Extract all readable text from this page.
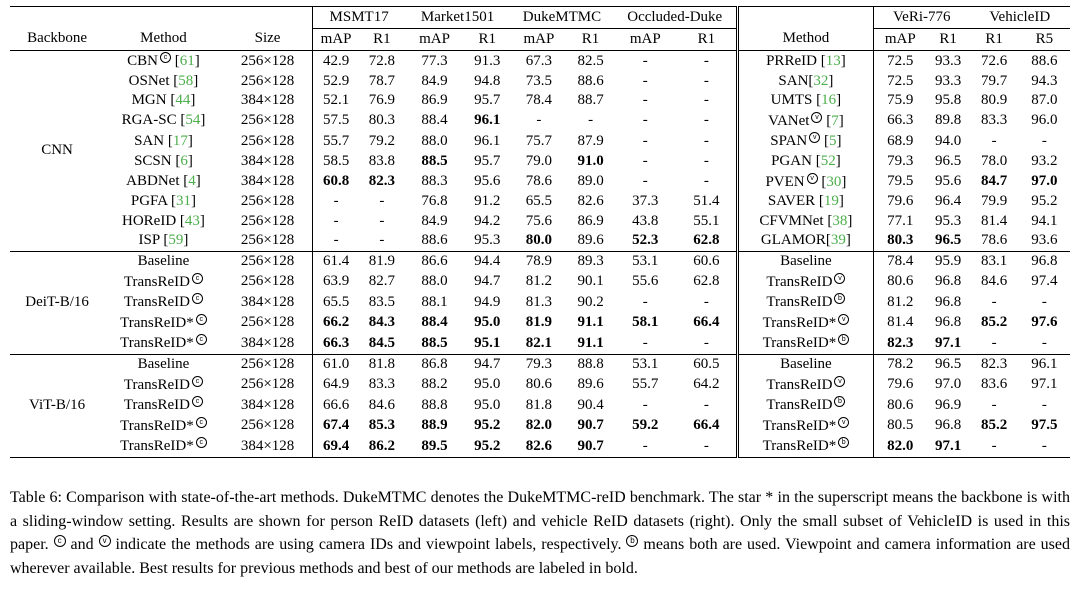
			MSMT17		Market1501		DukeMTMC		Occluded-Duke			VeRi-776		VehicleID	
Backbone	Method	Size	mAP	R1	mAP	R1	mAP	R1	mAP	R1	Method	mAP	R1	R1	R5
CNN	CBN c [61]	256×128	42.9	72.8	77.3	91.3	67.3	82.5	-	-	PRReID [13]	72.5	93.3	72.6	88.6
	OSNet [58]	256×128	52.9	78.7	84.9	94.8	73.5	88.6	-	-	SAN[32]	72.5	93.3	79.7	94.3
	MGN [44]	384×128	52.1	76.9	86.9	95.7	78.4	88.7	-	-	UMTS [16]	75.9	95.8	80.9	87.0
	RGA-SC [54]	256×128	57.5	80.3	88.4	96.1	-	-	-	-	VANet v [7]	66.3	89.8	83.3	96.0
	SAN [17]	256×128	55.7	79.2	88.0	96.1	75.7	87.9	-	-	SPAN v [5]	68.9	94.0	-	-
	SCSN [6]	384×128	58.5	83.8	88.5	95.7	79.0	91.0	-	-	PGAN [52]	79.3	96.5	78.0	93.2
	ABDNet [4]	384×128	60.8	82.3	88.3	95.6	78.6	89.0	-	-	PVEN v [30]	79.5	95.6	84.7	97.0
	PGFA [31]	256×128	-	-	76.8	91.2	65.5	82.6	37.3	51.4	SAVER [19]	79.6	96.4	79.9	95.2
	HOReID [43]	256×128	-	-	84.9	94.2	75.6	86.9	43.8	55.1	CFVMNet [38]	77.1	95.3	81.4	94.1
	ISP [59]	256×128	-	-	88.6	95.3	80.0	89.6	52.3	62.8	GLAMOR[39]	80.3	96.5	78.6	93.6
DeiT-B/16	Baseline	256×128	61.4	81.9	86.6	94.4	78.9	89.3	53.1	60.6	Baseline	78.4	95.9	83.1	96.8
	TransReID c	256×128	63.9	82.7	88.0	94.7	81.2	90.1	55.6	62.8	TransReID v	80.6	96.8	84.6	97.4
	TransReID c	384×128	65.5	83.5	88.1	94.9	81.3	90.2	-	-	TransReID b	81.2	96.8	-	-
	TransReID* c	256×128	66.2	84.3	88.4	95.0	81.9	91.1	58.1	66.4	TransReID* v	81.4	96.8	85.2	97.6
	TransReID* c	384×128	66.3	84.5	88.5	95.1	82.1	91.1	-	-	TransReID* b	82.3	97.1	-	-
ViT-B/16	Baseline	256×128	61.0	81.8	86.8	94.7	79.3	88.8	53.1	60.5	Baseline	78.2	96.5	82.3	96.1
	TransReID c	256×128	64.9	83.3	88.2	95.0	80.6	89.6	55.7	64.2	TransReID v	79.6	97.0	83.6	97.1
	TransReID c	384×128	66.6	84.6	88.8	95.0	81.8	90.4	-	-	TransReID b	80.6	96.9	-	-
	TransReID* c	256×128	67.4	85.3	88.9	95.2	82.0	90.7	59.2	66.4	TransReID* v	80.5	96.8	85.2	97.5
	TransReID* c	384×128	69.4	86.2	89.5	95.2	82.6	90.7	-	-	TransReID* b	82.0	97.1	-	-
Table 6: Comparison with state-of-the-art methods. DukeMTMC denotes the DukeMTMC-reID benchmark. The star * in the superscript means the backbone is with a sliding-window setting. Results are shown for person ReID datasets (left) and vehicle ReID datasets (right). Only the small subset of VehicleID is used in this paper. c and v indicate the methods are using camera IDs and viewpoint labels, respectively. b means both are used. Viewpoint and camera information are used wherever available. Best results for previous methods and best of our methods are labeled in bold.
